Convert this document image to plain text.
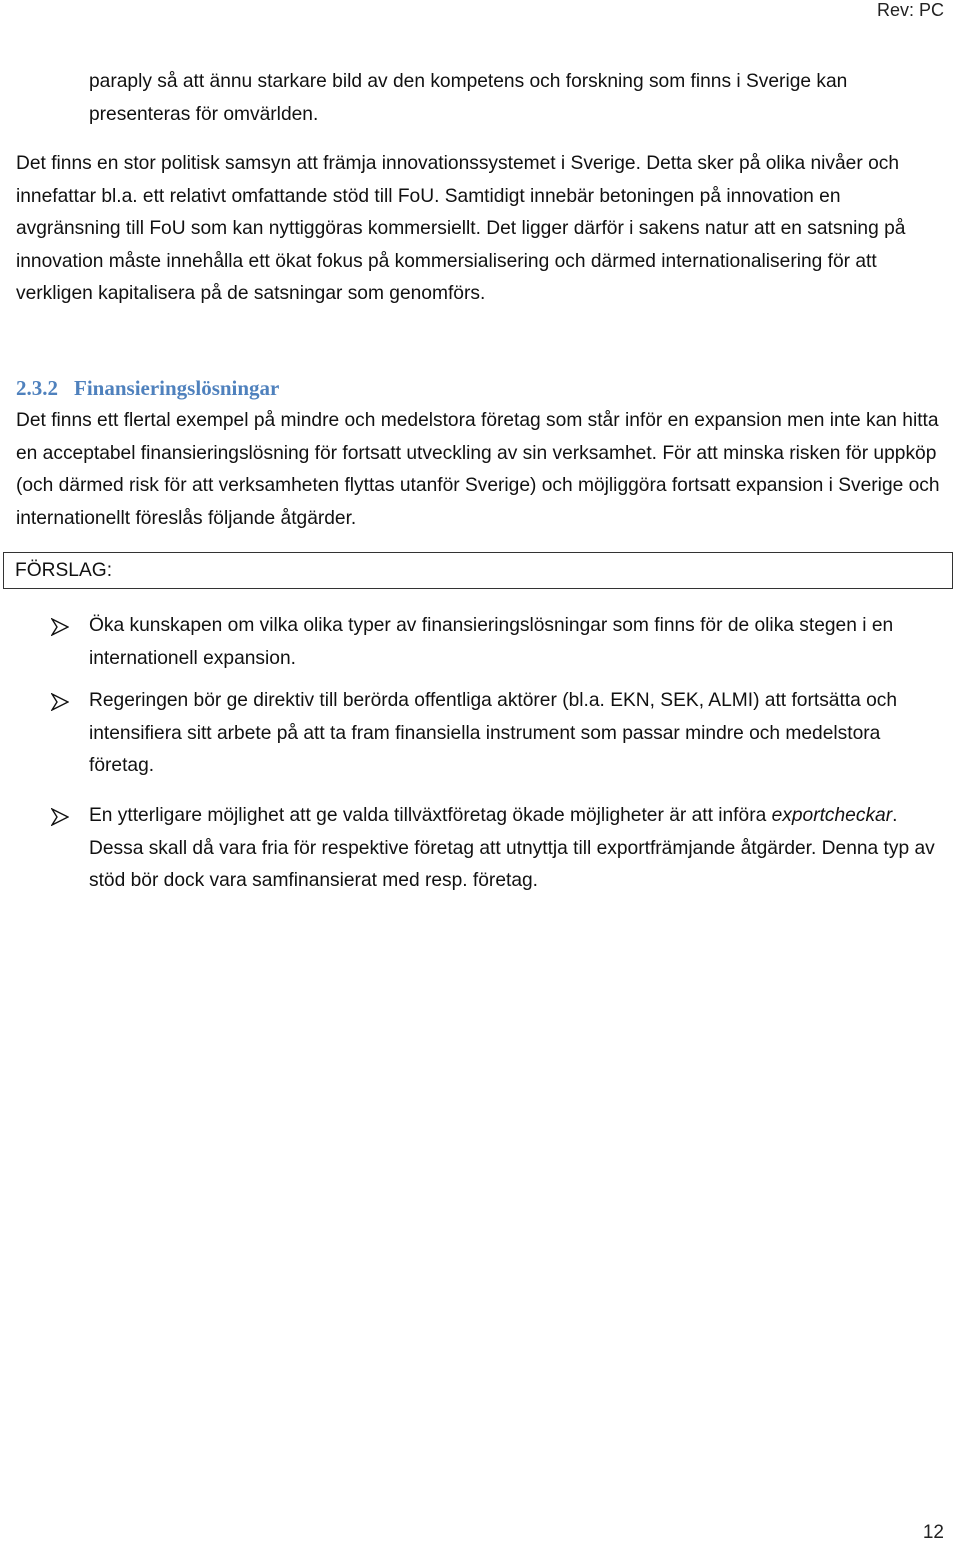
Rev: PC

paraply så att ännu starkare bild av den kompetens och forskning som finns i Sverige kan presenteras för omvärlden.

Det finns en stor politisk samsyn att främja innovationssystemet i Sverige. Detta sker på olika nivåer och innefattar bl.a. ett relativt omfattande stöd till FoU. Samtidigt innebär betoningen på innovation en avgränsning till FoU som kan nyttiggöras kommersiellt. Det ligger därför i sakens natur att en satsning på innovation måste innehålla ett ökat fokus på kommersialisering och därmed internationalisering för att verkligen kapitalisera på de satsningar som genomförs.

2.3.2 Finansieringslösningar

Det finns ett flertal exempel på mindre och medelstora företag som står inför en expansion men inte kan hitta en acceptabel finansieringslösning för fortsatt utveckling av sin verksamhet. För att minska risken för uppköp (och därmed risk för att verksamheten flyttas utanför Sverige) och möjliggöra fortsatt expansion i Sverige och internationellt föreslås följande åtgärder.

FÖRSLAG:

Öka kunskapen om vilka olika typer av finansieringslösningar som finns för de olika stegen i en internationell expansion.

Regeringen bör ge direktiv till berörda offentliga aktörer (bl.a. EKN, SEK, ALMI) att fortsätta och intensifiera sitt arbete på att ta fram finansiella instrument som passar mindre och medelstora företag.

En ytterligare möjlighet att ge valda tillväxtföretag ökade möjligheter är att införa exportcheckar. Dessa skall då vara fria för respektive företag att utnyttja till exportfrämjande åtgärder. Denna typ av stöd bör dock vara samfinansierat med resp. företag.

12
